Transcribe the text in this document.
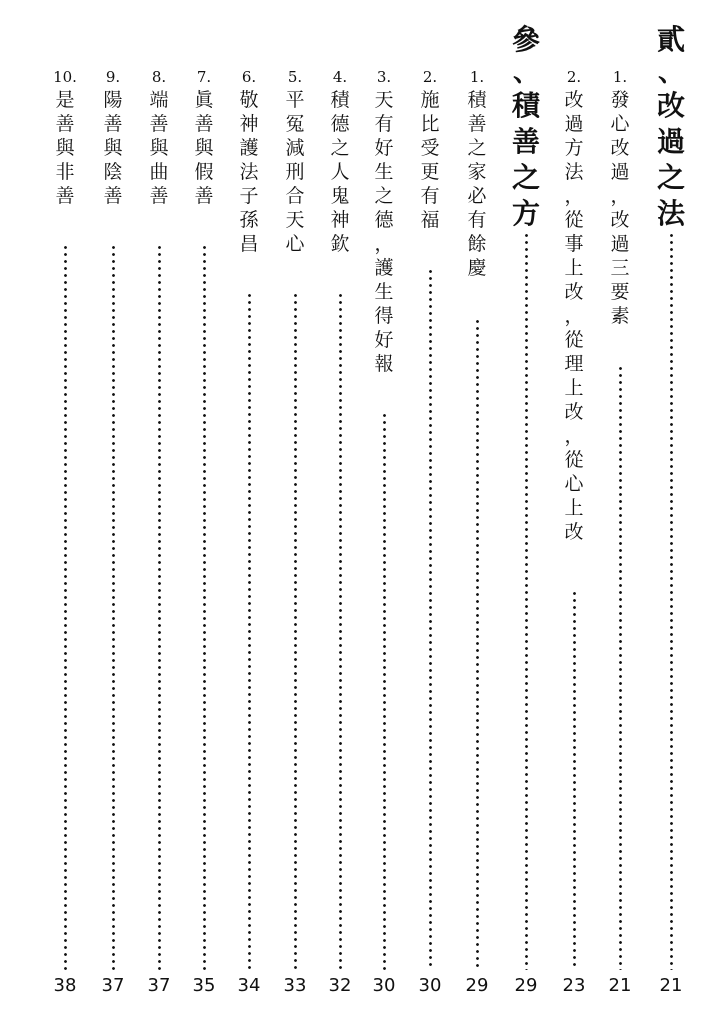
貳
、
改
過
之
法
21
1.
發
心
改
過
，
改
過
三
要
素
21
2.
改
過
方
法
，
從
事
上
改
，
從
理
上
改
，
從
心
上
改
23
參
、
積
善
之
方
29
1.
積
善
之
家
必
有
餘
慶
29
2.
施
比
受
更
有
福
30
3.
天
有
好
生
之
德
，
護
生
得
好
報
30
4.
積
德
之
人
鬼
神
欽
32
5.
平
冤
減
刑
合
天
心
33
6.
敬
神
護
法
子
孫
昌
34
7.
眞
善
與
假
善
35
8.
端
善
與
曲
善
37
9.
陽
善
與
陰
善
37
10.
是
善
與
非
善
38
